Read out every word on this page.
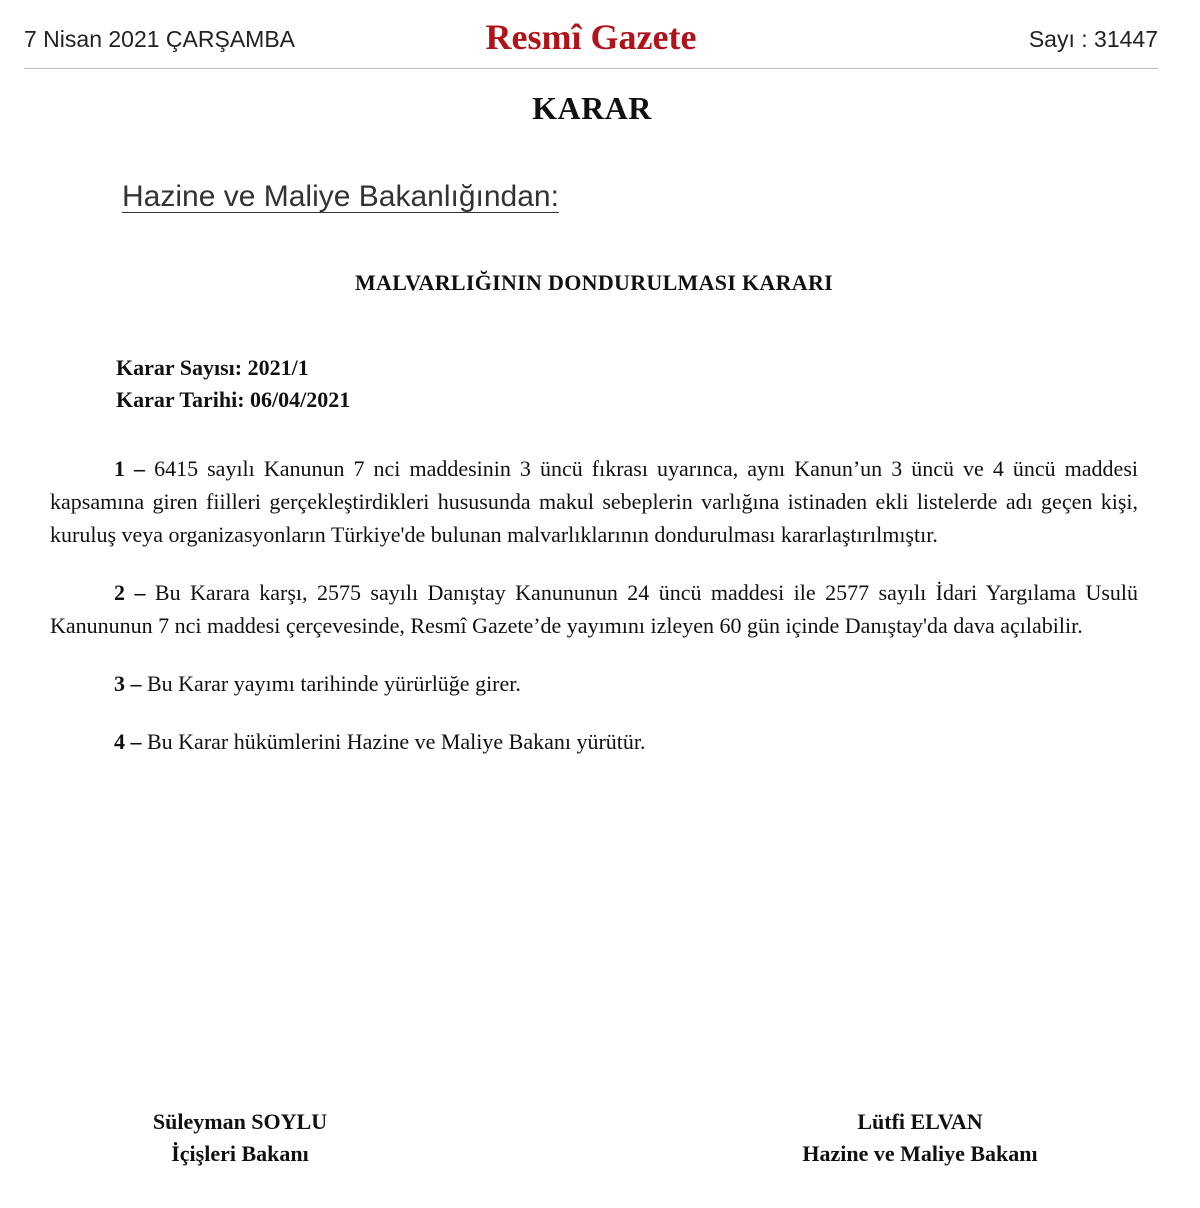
7 Nisan 2021 ÇARŞAMBA	Resmî Gazete	Sayı : 31447
KARAR
Hazine ve Maliye Bakanlığından:
MALVARLIĞININ DONDURULMASI KARARI
Karar Sayısı: 2021/1
Karar Tarihi: 06/04/2021

1 – 6415 sayılı Kanunun 7 nci maddesinin 3 üncü fıkrası uyarınca, aynı Kanun’un 3 üncü ve 4 üncü maddesi kapsamına giren fiilleri gerçekleştirdikleri hususunda makul sebeplerin varlığına istinaden ekli listelerde adı geçen kişi, kuruluş veya organizasyonların Türkiye'de bulunan malvarlıklarının dondurulması kararlaştırılmıştır.

2 – Bu Karara karşı, 2575 sayılı Danıştay Kanununun 24 üncü maddesi ile 2577 sayılı İdari Yargılama Usulü Kanununun 7 nci maddesi çerçevesinde, Resmî Gazete’de yayımını izleyen 60 gün içinde Danıştay'da dava açılabilir.

3 – Bu Karar yayımı tarihinde yürürlüğe girer.

4 – Bu Karar hükümlerini Hazine ve Maliye Bakanı yürütür.

Süleyman SOYLU
İçişleri Bakanı
Lütfi ELVAN
Hazine ve Maliye Bakanı
